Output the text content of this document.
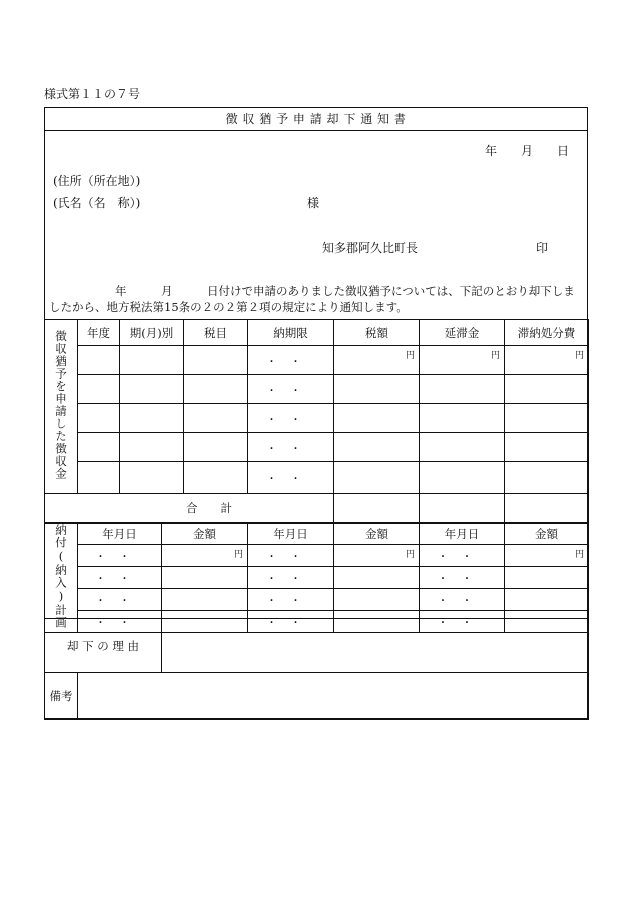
様式第１１の７号
徴 収 猶 予 申 請 却 下 通 知 書
年　　月　　日
(住所（所在地）)
(氏名（名　称）)	様
知多郡阿久比町長	印
年　　　月　　　日付けで申請のありました徴収猶予については、下記のとおり却下しま
したから、地方税法第15条の２の２第２項の規定により通知します。
徴収猶予を申請した徴収金	年度	期(月)別	税目	納期限	税額	延滞金	滞納処分費
				・・	円	円	円

				・・			
				・・			
				・・			
				・・			
合　　計							
納付(納入)計画	年月日	金額	年月日	金額	年月日	金額
	・・	円	・・	円	・・	円

	・・		・・		・・	
	・・		・・		・・	
	・・		・・		・・	
却 下 の 理 由		
備考		
